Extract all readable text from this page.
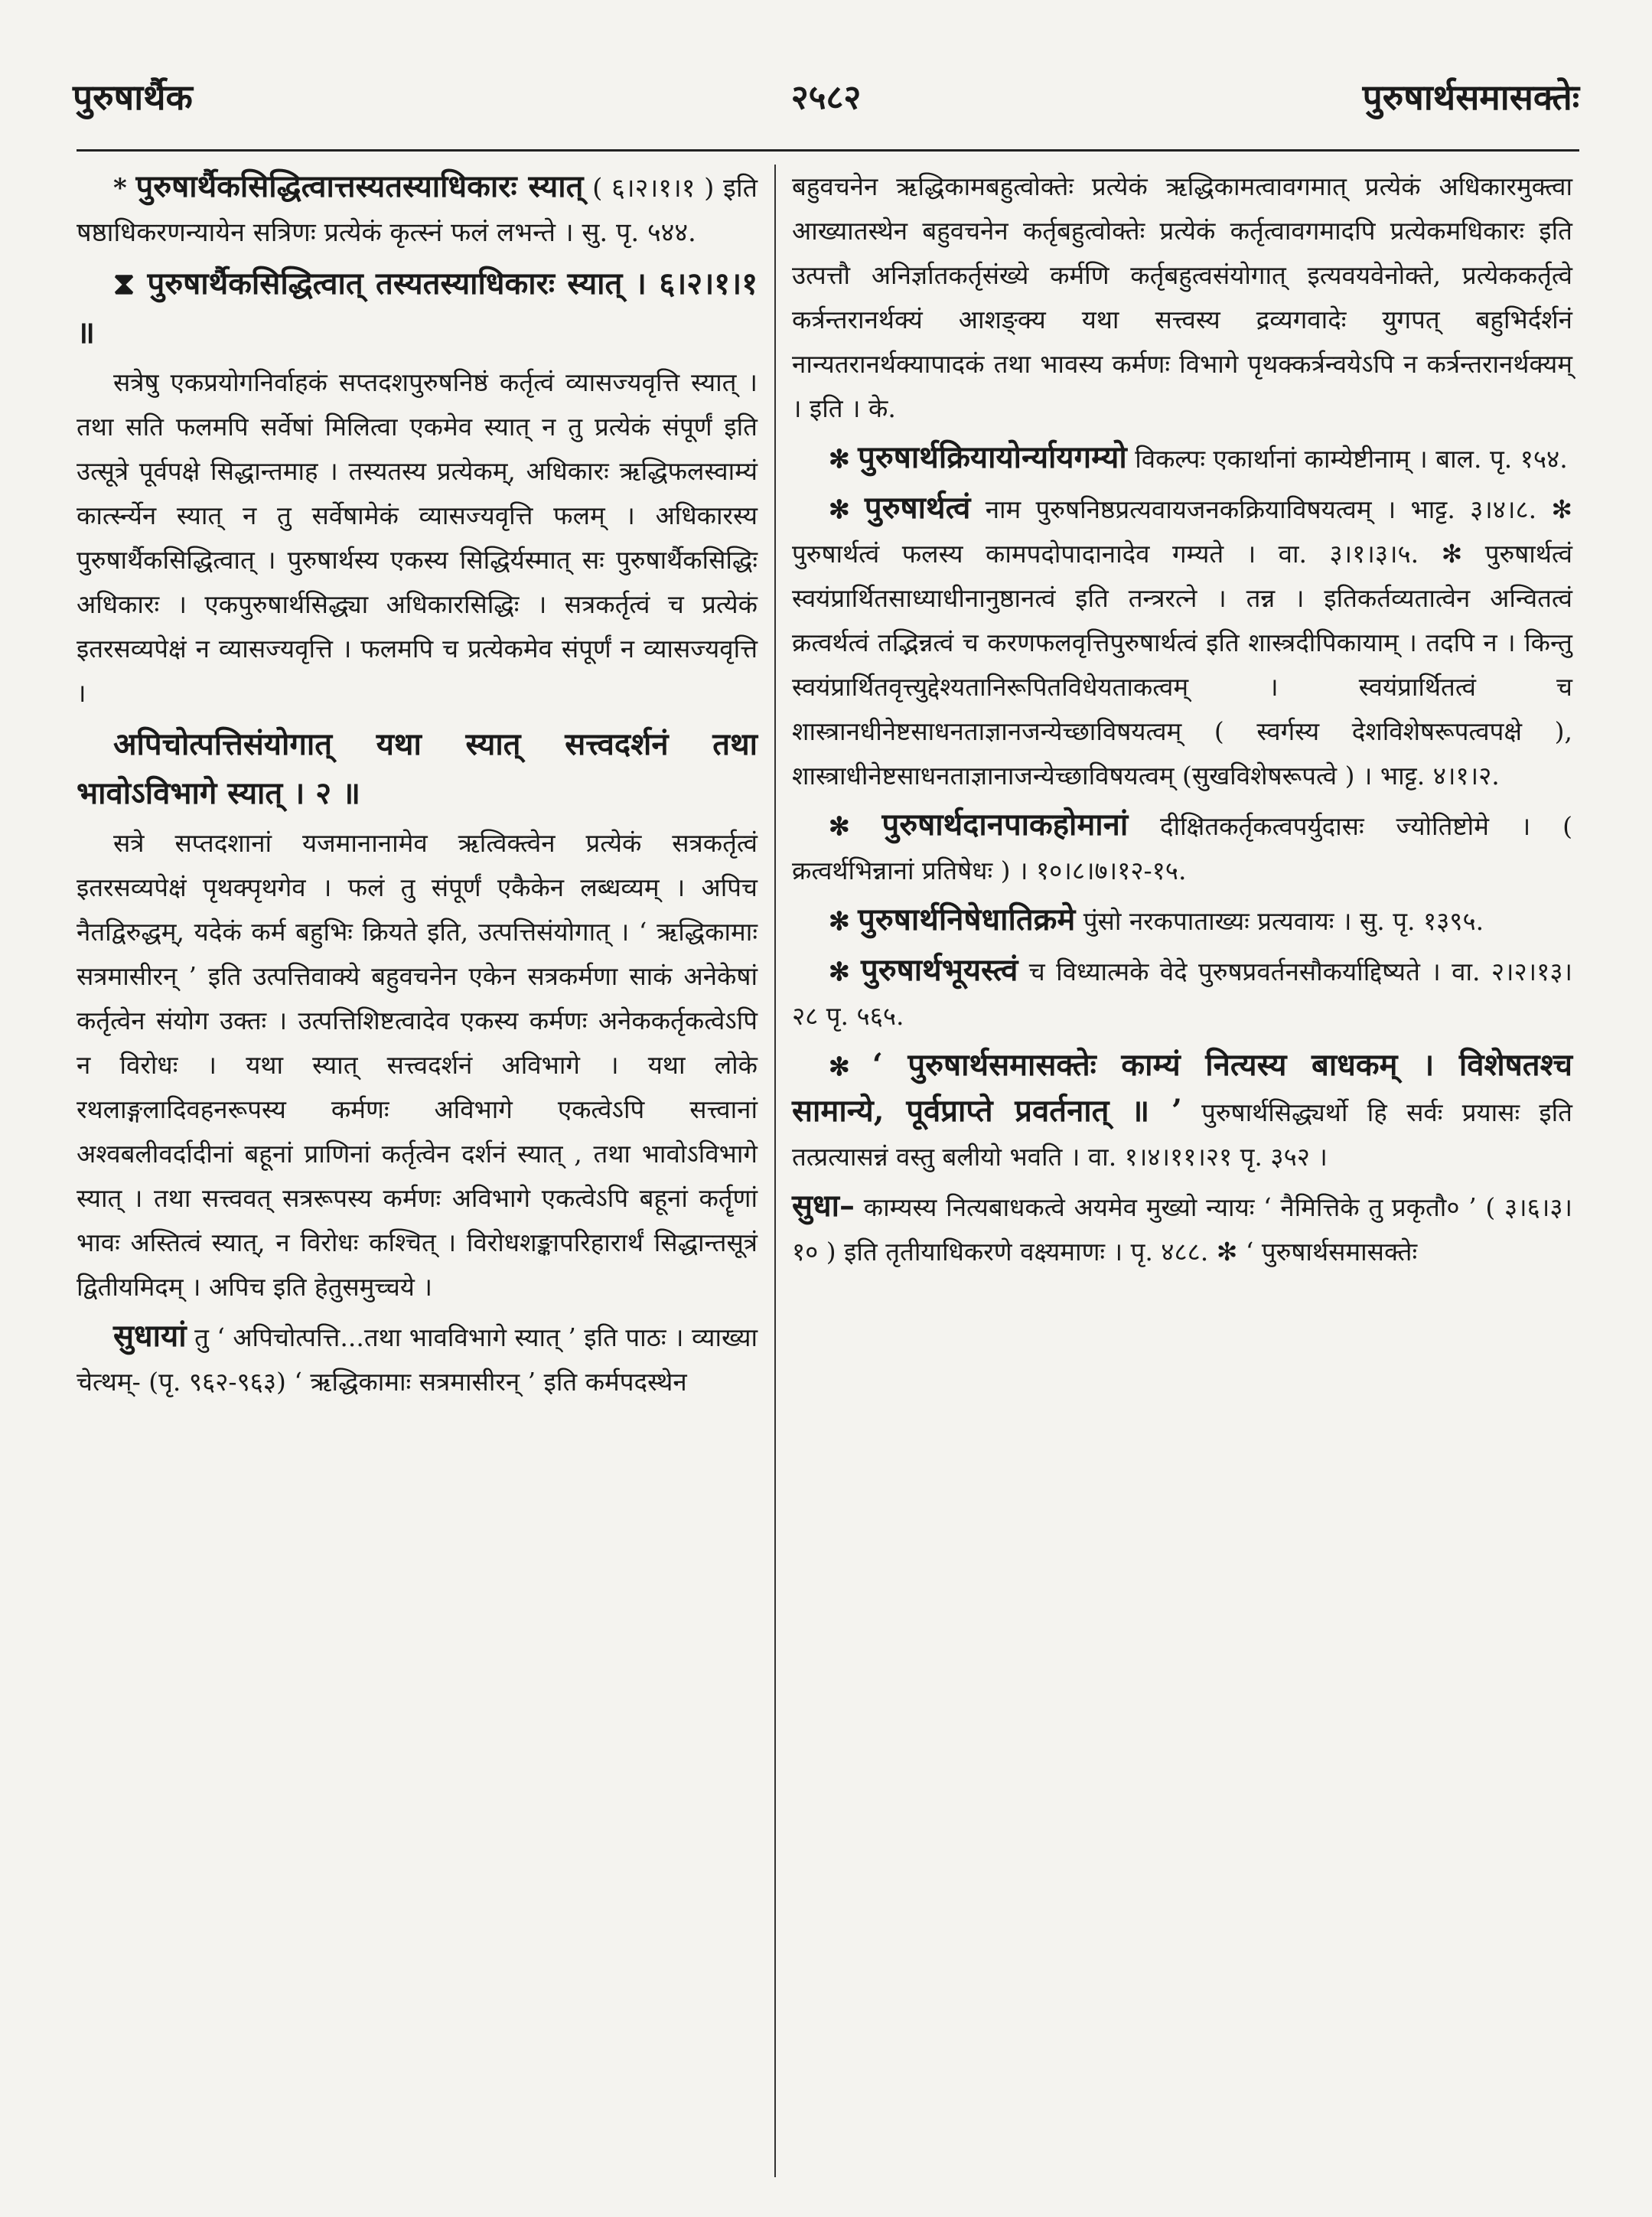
पुरुषार्थैक	२५८२	पुरुषार्थसमासक्तेः

* पुरुषार्थैकसिद्धित्वात्तस्यतस्याधिकारः स्यात् ( ६।२।१।१ ) इति षष्ठाधिकरणन्यायेन सत्रिणः प्रत्येकं कृत्स्नं फलं लभन्ते । सु. पृ. ५४४.

⧗ पुरुषार्थैकसिद्धित्वात् तस्यतस्याधिकारः स्यात् । ६।२।१।१ ॥

सत्रेषु एकप्रयोगनिर्वाहकं सप्तदशपुरुषनिष्ठं कर्तृत्वं व्यासज्यवृत्ति स्यात् । तथा सति फलमपि सर्वेषां मिलित्वा एकमेव स्यात् न तु प्रत्येकं संपूर्णं इति उत्सूत्रे पूर्वपक्षे सिद्धान्तमाह । तस्यतस्य प्रत्येकम्, अधिकारः ऋद्धिफलस्वाम्यं कार्त्स्न्येन स्यात् न तु सर्वेषामेकं व्यासज्यवृत्ति फलम् । अधिकारस्य पुरुषार्थैकसिद्धित्वात् । पुरुषार्थस्य एकस्य सिद्धिर्यस्मात् सः पुरुषार्थैकसिद्धिः अधिकारः । एकपुरुषार्थसिद्ध्या अधिकारसिद्धिः । सत्रकर्तृत्वं च प्रत्येकं इतरसव्यपेक्षं न व्यासज्यवृत्ति । फलमपि च प्रत्येकमेव संपूर्णं न व्यासज्यवृत्ति ।

अपिचोत्पत्तिसंयोगात् यथा स्यात् सत्त्वदर्शनं तथा भावोऽविभागे स्यात् । २ ॥

सत्रे सप्तदशानां यजमानानामेव ऋत्विक्त्वेन प्रत्येकं सत्रकर्तृत्वं इतरसव्यपेक्षं पृथक्पृथगेव । फलं तु संपूर्णं एकैकेन लब्धव्यम् । अपिच नैतद्विरुद्धम्, यदेकं कर्म बहुभिः क्रियते इति, उत्पत्तिसंयोगात् । ‘ ऋद्धिकामाः सत्रमासीरन् ’ इति उत्पत्तिवाक्ये बहुवचनेन एकेन सत्रकर्मणा साकं अनेकेषां कर्तृत्वेन संयोग उक्तः । उत्पत्तिशिष्टत्वादेव एकस्य कर्मणः अनेककर्तृकत्वेऽपि न विरोधः । यथा स्यात् सत्त्वदर्शनं अविभागे । यथा लोके रथलाङ्गलादिवहनरूपस्य कर्मणः अविभागे एकत्वेऽपि सत्त्वानां अश्वबलीवर्दादीनां बहूनां प्राणिनां कर्तृत्वेन दर्शनं स्यात् , तथा भावोऽविभागे स्यात् । तथा सत्त्ववत् सत्ररूपस्य कर्मणः अविभागे एकत्वेऽपि बहूनां कर्तॄणां भावः अस्तित्वं स्यात्, न विरोधः कश्चित् । विरोधशङ्कापरिहारार्थं सिद्धान्तसूत्रं द्वितीयमिदम् । अपिच इति हेतुसमुच्चये ।

सुधायां तु ‘ अपिचोत्पत्ति...तथा भावविभागे स्यात् ’ इति पाठः । व्याख्या चेत्थम्- (पृ. ९६२-९६३) ‘ ऋद्धिकामाः सत्रमासीरन् ’ इति कर्मपदस्थेन

बहुवचनेन ऋद्धिकामबहुत्वोक्तेः प्रत्येकं ऋद्धिकामत्वावगमात् प्रत्येकं अधिकारमुक्त्वा आख्यातस्थेन बहुवचनेन कर्तृबहुत्वोक्तेः प्रत्येकं कर्तृत्वावगमादपि प्रत्येकमधिकारः इति उत्पत्तौ अनिर्ज्ञातकर्तृसंख्ये कर्मणि कर्तृबहुत्वसंयोगात् इत्यवयवेनोक्ते, प्रत्येककर्तृत्वे कर्त्रन्तरानर्थक्यं आशङ्क्य यथा सत्त्वस्य द्रव्यगवादेः युगपत् बहुभिर्दर्शनं नान्यतरानर्थक्यापादकं तथा भावस्य कर्मणः विभागे पृथक्कर्त्रन्वयेऽपि न कर्त्रन्तरानर्थक्यम् । इति । के.

✻ पुरुषार्थक्रियायोर्न्यायगम्यो विकल्पः एकार्थानां काम्येष्टीनाम् । बाल. पृ. १५४.

✻ पुरुषार्थत्वं नाम पुरुषनिष्ठप्रत्यवायजनकक्रियाविषयत्वम् । भाट्ट. ३।४।८. ✻ पुरुषार्थत्वं फलस्य कामपदोपादानादेव गम्यते । वा. ३।१।३।५. ✻ पुरुषार्थत्वं स्वयंप्रार्थितसाध्याधीनानुष्ठानत्वं इति तन्त्ररत्ने । तन्न । इतिकर्तव्यतात्वेन अन्वितत्वं क्रत्वर्थत्वं तद्भिन्नत्वं च करणफलवृत्तिपुरुषार्थत्वं इति शास्त्रदीपिकायाम् । तदपि न । किन्तु स्वयंप्रार्थितवृत्त्युद्देश्यतानिरूपितविधेयताकत्वम् । स्वयंप्रार्थितत्वं च शास्त्रानधीनेष्टसाधनताज्ञानजन्येच्छाविषयत्वम् ( स्वर्गस्य देशविशेषरूपत्वपक्षे ), शास्त्राधीनेष्टसाधनताज्ञानाजन्येच्छाविषयत्वम् (सुखविशेषरूपत्वे ) । भाट्ट. ४।१।२.

✻ पुरुषार्थदानपाकहोमानां दीक्षितकर्तृकत्वपर्युदासः ज्योतिष्टोमे । ( क्रत्वर्थभिन्नानां प्रतिषेधः ) । १०।८।७।१२-१५.

✻ पुरुषार्थनिषेधातिक्रमे पुंसो नरकपाताख्यः प्रत्यवायः । सु. पृ. १३९५.

✻ पुरुषार्थभूयस्त्वं च विध्यात्मके वेदे पुरुषप्रवर्तनसौकर्याद्दिष्यते । वा. २।२।१३।२८ पृ. ५६५.

✻ ‘ पुरुषार्थसमासक्तेः काम्यं नित्यस्य बाधकम् । विशेषतश्च सामान्ये, पूर्वप्राप्ते प्रवर्तनात् ॥ ’ पुरुषार्थसिद्ध्यर्थो हि सर्वः प्रयासः इति तत्प्रत्यासन्नं वस्तु बलीयो भवति । वा. १।४।११।२१ पृ. ३५२ ।

सुधा– काम्यस्य नित्यबाधकत्वे अयमेव मुख्यो न्यायः ‘ नैमित्तिके तु प्रकृतौ० ’ ( ३।६।३।१० ) इति तृतीयाधिकरणे वक्ष्यमाणः । पृ. ४८८. ✻ ‘ पुरुषार्थसमासक्तेः
